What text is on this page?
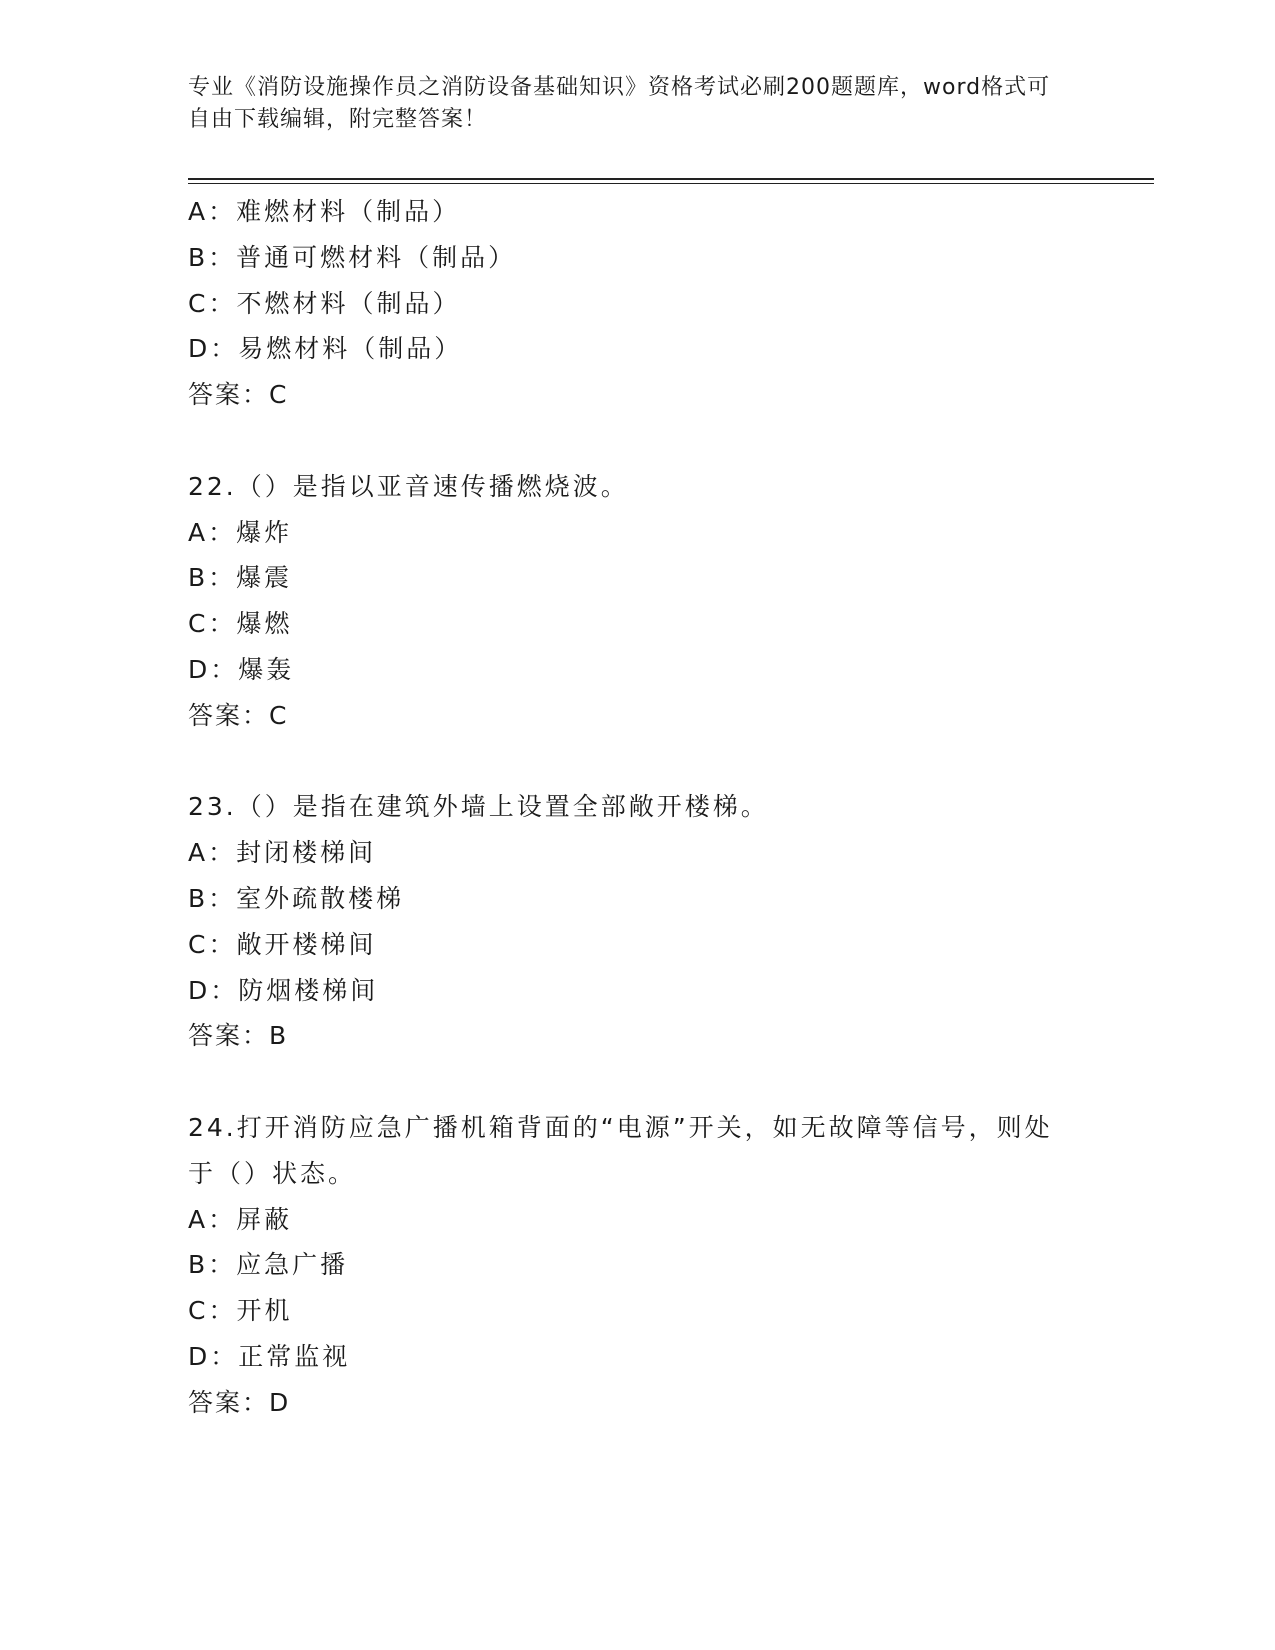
专业《消防设施操作员之消防设备基础知识》资格考试必刷200题题库，word格式可自由下载编辑，附完整答案！
A：难燃材料（制品）
B：普通可燃材料（制品）
C：不燃材料（制品）
D：易燃材料（制品）
答案：C
22.（）是指以亚音速传播燃烧波。
A：爆炸
B：爆震
C：爆燃
D：爆轰
答案：C
23.（）是指在建筑外墙上设置全部敞开楼梯。
A：封闭楼梯间
B：室外疏散楼梯
C：敞开楼梯间
D：防烟楼梯间
答案：B
24.打开消防应急广播机箱背面的“电源”开关，如无故障等信号，则处于（）状态。
A：屏蔽
B：应急广播
C：开机
D：正常监视
答案：D
